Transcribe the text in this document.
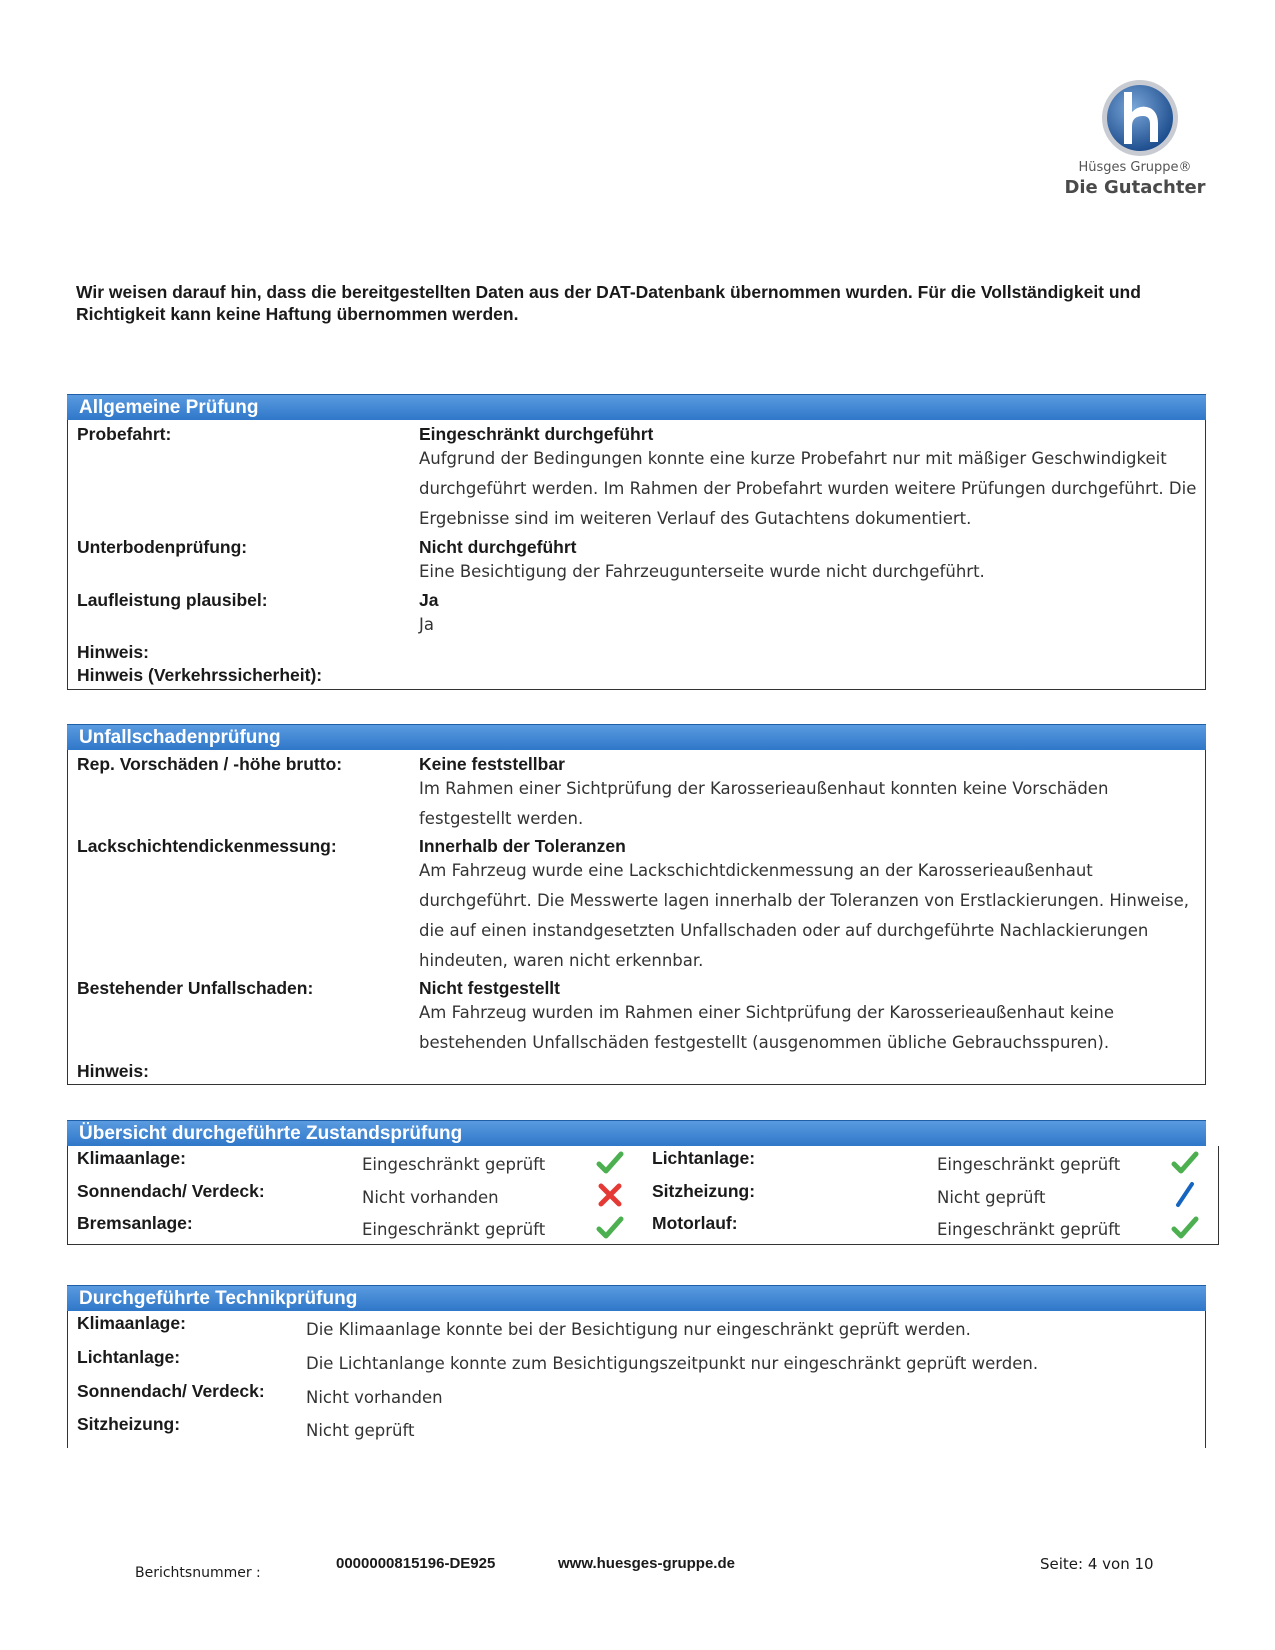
Hüsges Gruppe®
Die Gutachter
Wir weisen darauf hin, dass die bereitgestellten Daten aus der DAT-Datenbank übernommen wurden. Für die Vollständigkeit und Richtigkeit kann keine Haftung übernommen werden.
Allgemeine Prüfung
Probefahrt:	Eingeschränkt durchgeführt
Aufgrund der Bedingungen konnte eine kurze Probefahrt nur mit mäßiger Geschwindigkeit durchgeführt werden. Im Rahmen der Probefahrt wurden weitere Prüfungen durchgeführt. Die Ergebnisse sind im weiteren Verlauf des Gutachtens dokumentiert.
Unterbodenprüfung:	Nicht durchgeführt
Eine Besichtigung der Fahrzeugunterseite wurde nicht durchgeführt.
Laufleistung plausibel:	Ja
Ja
Hinweis:
Hinweis (Verkehrssicherheit):
Unfallschadenprüfung
Rep. Vorschäden / -höhe brutto:	Keine feststellbar
Im Rahmen einer Sichtprüfung der Karosserieaußenhaut konnten keine Vorschäden festgestellt werden.
Lackschichtendickenmessung:	Innerhalb der Toleranzen
Am Fahrzeug wurde eine Lackschichtdickenmessung an der Karosserieaußenhaut durchgeführt. Die Messwerte lagen innerhalb der Toleranzen von Erstlackierungen. Hinweise, die auf einen instandgesetzten Unfallschaden oder auf durchgeführte Nachlackierungen hindeuten, waren nicht erkennbar.
Bestehender Unfallschaden:	Nicht festgestellt
Am Fahrzeug wurden im Rahmen einer Sichtprüfung der Karosserieaußenhaut keine bestehenden Unfallschäden festgestellt (ausgenommen übliche Gebrauchsspuren).
Hinweis:
Übersicht durchgeführte Zustandsprüfung
Klimaanlage:	Eingeschränkt geprüft	Lichtanlage:	Eingeschränkt geprüft
Sonnendach/ Verdeck:	Nicht vorhanden	Sitzheizung:	Nicht geprüft
Bremsanlage:	Eingeschränkt geprüft	Motorlauf:	Eingeschränkt geprüft
Durchgeführte Technikprüfung
Klimaanlage:	Die Klimaanlage konnte bei der Besichtigung nur eingeschränkt geprüft werden.
Lichtanlage:	Die Lichtanlange konnte zum Besichtigungszeitpunkt nur eingeschränkt geprüft werden.
Sonnendach/ Verdeck:	Nicht vorhanden
Sitzheizung:	Nicht geprüft
Berichtsnummer :
0000000815196-DE925	www.huesges-gruppe.de	Seite: 4 von 10
